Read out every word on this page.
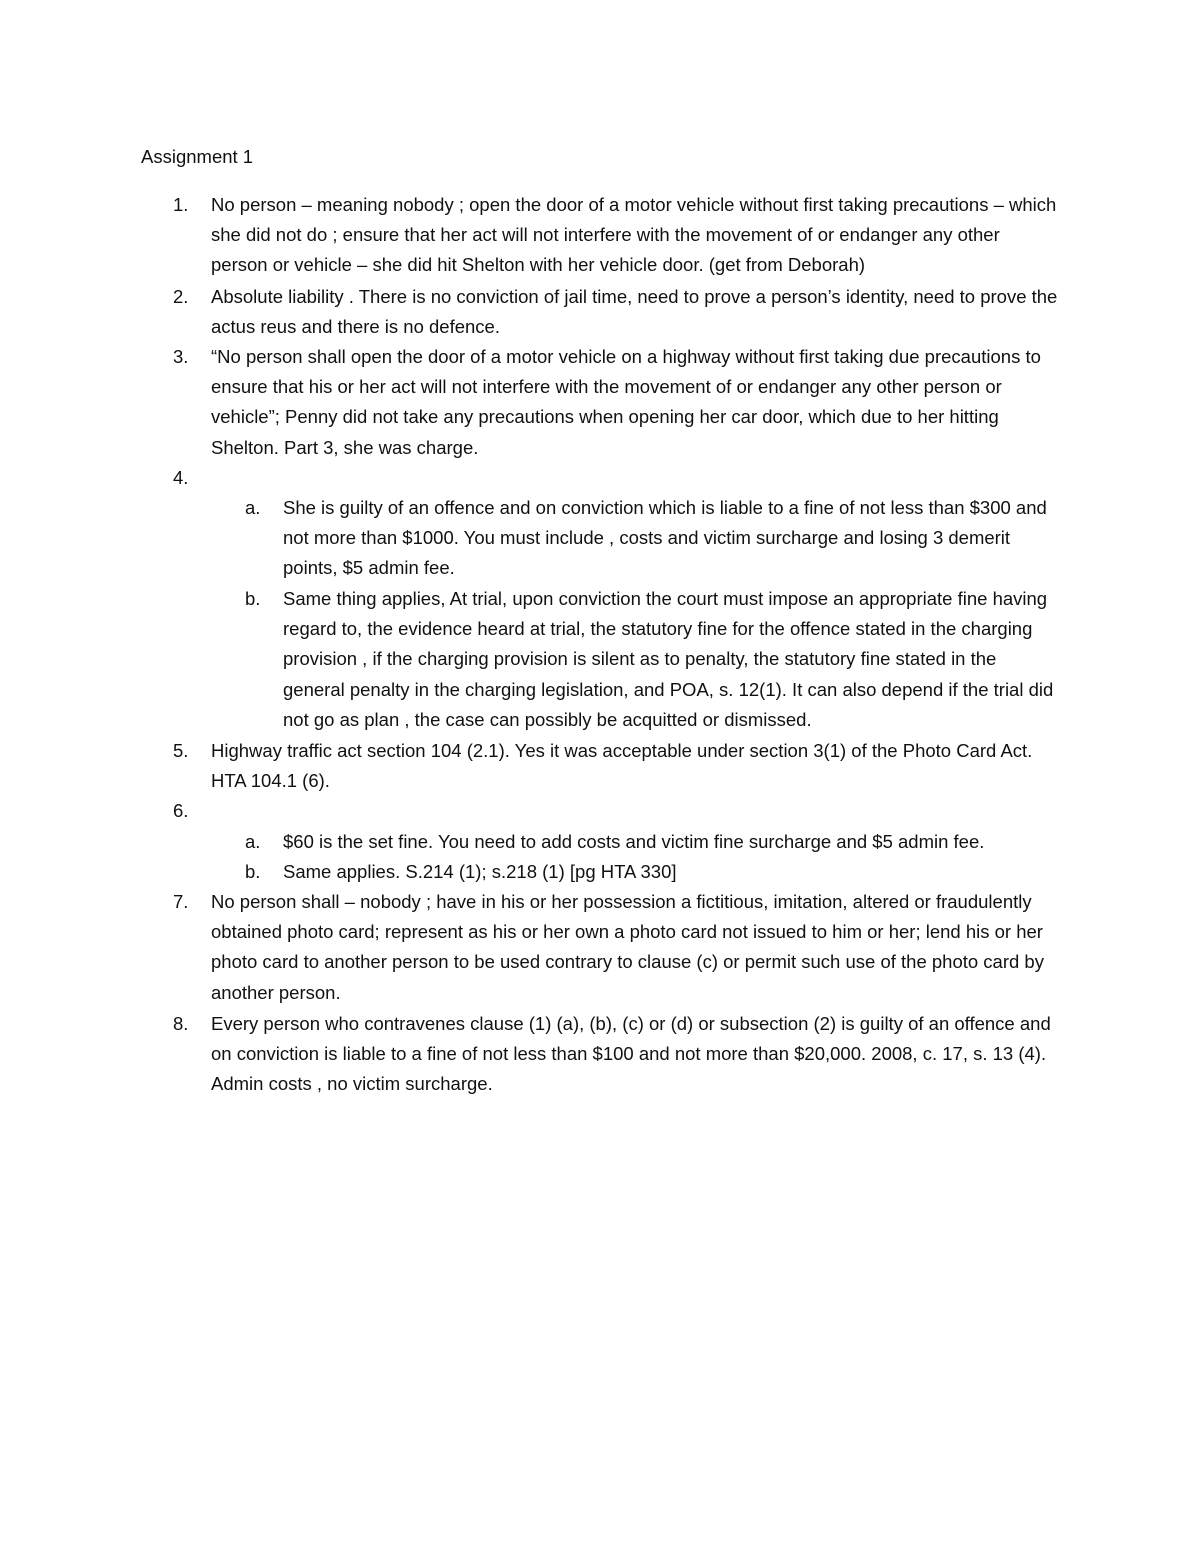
Assignment 1
1.	No person – meaning nobody ; open the door of a motor vehicle without first taking precautions – which she did not do ; ensure that her act will not interfere with the movement of or endanger any other person or vehicle – she did hit Shelton with her vehicle door. (get from Deborah)
2.	Absolute liability . There is no conviction of jail time, need to prove a person’s identity, need to prove the actus reus and there is no defence.
3.	“No person shall open the door of a motor vehicle on a highway without first taking due precautions to ensure that his or her act will not interfere with the movement of or endanger any other person or vehicle”; Penny did not take any precautions when opening her car door, which due to her hitting Shelton. Part 3, she was charge.
4.
a.	She is guilty of an offence and on conviction which is liable to a fine of not less than $300 and not more than $1000. You must include , costs and victim surcharge and losing 3 demerit points, $5 admin fee.
b.	Same thing applies, At trial, upon conviction the court must impose an appropriate fine having regard to, the evidence heard at trial, the statutory fine for the offence stated in the charging provision , if the charging provision is silent as to penalty, the statutory fine stated in the general penalty in the charging legislation, and POA, s. 12(1). It can also depend if the trial did not go as plan , the case can possibly be acquitted or dismissed.
5.	Highway traffic act section 104 (2.1). Yes it was acceptable under section 3(1) of the Photo Card Act. HTA 104.1 (6).
6.
a.	$60 is the set fine. You need to add costs and victim fine surcharge and $5 admin fee.
b.	Same applies. S.214 (1); s.218 (1) [pg HTA 330]
7.	No person shall – nobody ; have in his or her possession a fictitious, imitation, altered or fraudulently obtained photo card; represent as his or her own a photo card not issued to him or her; lend his or her photo card to another person to be used contrary to clause (c) or permit such use of the photo card by another person.
8.	Every person who contravenes clause (1) (a), (b), (c) or (d) or subsection (2) is guilty of an offence and on conviction is liable to a fine of not less than $100 and not more than $20,000. 2008, c. 17, s. 13 (4). Admin costs , no victim surcharge.
